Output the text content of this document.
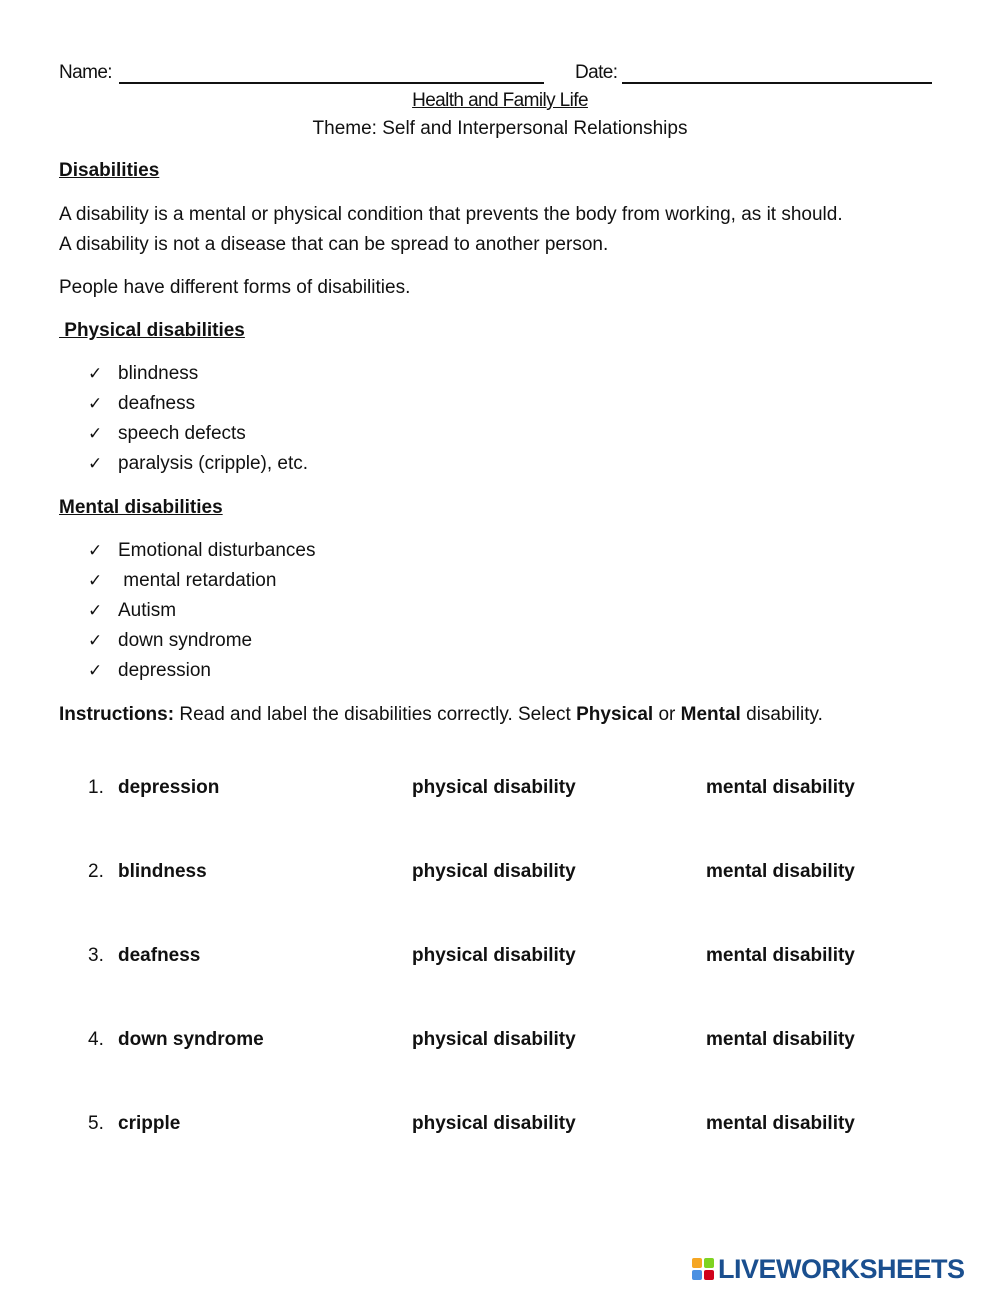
Name:	Date:
Health and Family Life
Theme: Self and Interpersonal Relationships
Disabilities
A disability is a mental or physical condition that prevents the body from working, as it should.
A disability is not a disease that can be spread to another person.
People have different forms of disabilities.
Physical disabilities
✓ blindness
✓ deafness
✓ speech defects
✓ paralysis (cripple), etc.
Mental disabilities
✓ Emotional disturbances
✓ mental retardation
✓ Autism
✓ down syndrome
✓ depression
Instructions: Read and label the disabilities correctly. Select Physical or Mental disability.
1. depression	physical disability	mental disability
2. blindness	physical disability	mental disability
3. deafness	physical disability	mental disability
4. down syndrome	physical disability	mental disability
5. cripple	physical disability	mental disability
LIVEWORKSHEETS
